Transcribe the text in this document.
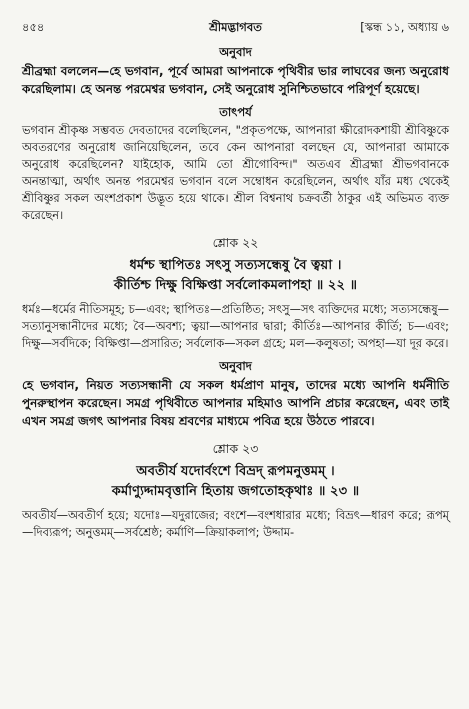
৪৫৪	শ্রীমদ্ভাগবত	[স্কন্ধ ১১, অধ্যায় ৬
অনুবাদ

শ্রীব্রহ্মা বললেন—হে ভগবান, পূর্বে আমরা আপনাকে পৃথিবীর ভার লাঘবের জন্য অনুরোধ করেছিলাম। হে অনন্ত পরমেশ্বর ভগবান, সেই অনুরোধ সুনিশ্চিতভাবে পরিপূর্ণ হয়েছে।

তাৎপর্য

ভগবান শ্রীকৃষ্ণ সম্ভবত দেবতাদের বলেছিলেন, "প্রকৃতপক্ষে, আপনারা ক্ষীরোদকশায়ী শ্রীবিষ্ণুকে অবতরণের অনুরোধ জানিয়েছিলেন, তবে কেন আপনারা বলছেন যে, আপনারা আমাকে অনুরোধ করেছিলেন? যাইহোক, আমি তো শ্রীগোবিন্দ।" অতএব শ্রীব্রহ্মা শ্রীভগবানকে অনন্তাত্মা, অর্থাৎ অনন্ত পরমেশ্বর ভগবান বলে সম্বোধন করেছিলেন, অর্থাৎ যাঁর মধ্য থেকেই শ্রীবিষ্ণুর সকল অংশপ্রকাশ উদ্ভূত হয়ে থাকে। শ্রীল বিশ্বনাথ চক্রবর্তী ঠাকুর এই অভিমত ব্যক্ত করেছেন।

শ্লোক ২২

ধর্মশ্চ স্থাপিতঃ সৎসু সত্যসন্ধেষু বৈ ত্বয়া ।

কীর্তিশ্চ দিক্ষু বিক্ষিপ্তা সর্বলোকমলাপহা ॥ ২২ ॥

ধর্মঃ—ধর্মের নীতিসমূহ; চ—এবং; স্থাপিতঃ—প্রতিষ্ঠিত; সৎসু—সৎ ব্যক্তিদের মধ্যে; সত্যসন্ধেষু—সত্যানুসন্ধানীদের মধ্যে; বৈ—অবশ্য; ত্বয়া—আপনার দ্বারা; কীর্তিঃ—আপনার কীর্তি; চ—এবং; দিক্ষু—সর্বদিকে; বিক্ষিপ্তা—প্রসারিত; সর্বলোক—সকল গ্রহে; মল—কলুষতা; অপহা—যা দূর করে।

অনুবাদ

হে ভগবান, নিয়ত সত্যসন্ধানী যে সকল ধর্মপ্রাণ মানুষ, তাদের মধ্যে আপনি ধর্মনীতি পুনরুস্থাপন করেছেন। সমগ্র পৃথিবীতে আপনার মহিমাও আপনি প্রচার করেছেন, এবং তাই এখন সমগ্র জগৎ আপনার বিষয় শ্রবণের মাধ্যমে পবিত্র হয়ে উঠতে পারবে।

শ্লোক ২৩

অবতীর্য যদোর্বংশে বিভ্রদ্ রূপমনুত্তমম্ ।

কর্মাণ্যুদ্দামবৃত্তানি হিতায় জগতোহকৃথাঃ ॥ ২৩ ॥

অবতীর্য—অবতীর্ণ হয়ে; যদোঃ—যদুরাজের; বংশে—বংশধারার মধ্যে; বিভ্রৎ—ধারণ করে; রূপম্—দিব্যরূপ; অনুত্তমম্—সর্বশ্রেষ্ঠ; কর্মাণি—ক্রিয়াকলাপ; উদ্দাম-
